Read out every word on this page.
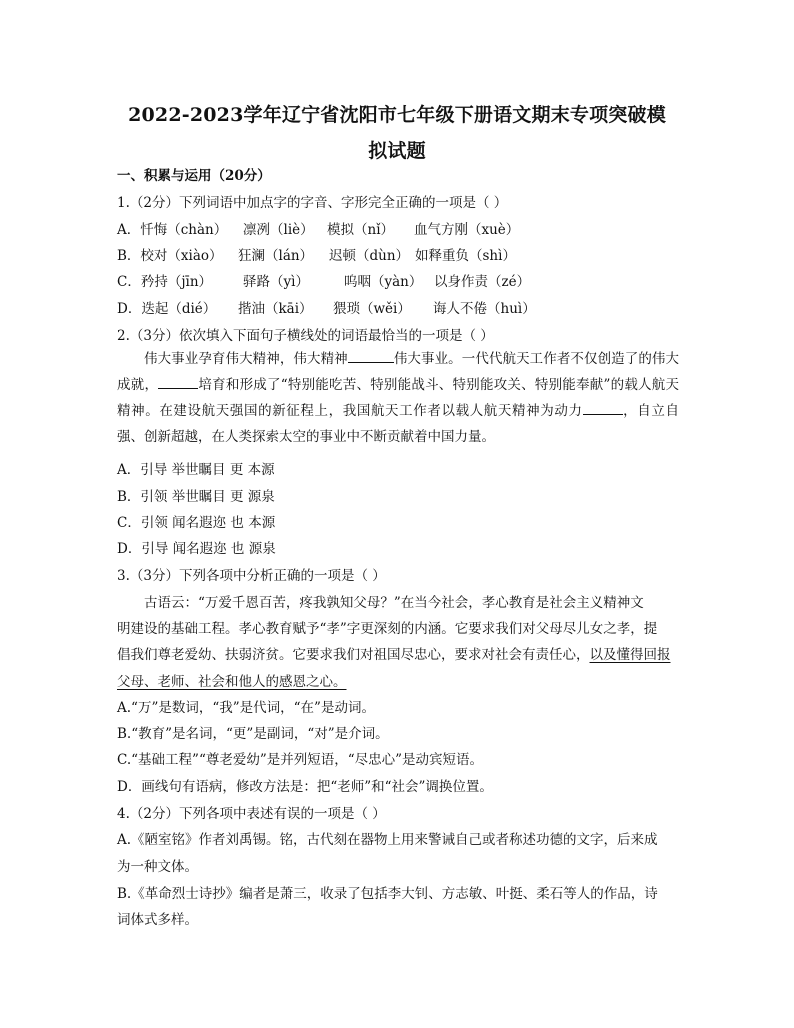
2022-2023学年辽宁省沈阳市七年级下册语文期末专项突破模
拟试题
一、积累与运用（20分）
1.（2分）下列词语中加点字的字音、字形完全正确的一项是（ ）
A．忏悔（chàn） 凛冽（liè） 模拟（nǐ） 血气方刚（xuè）
B．校对（xiào） 狂澜（lán） 迟顿（dùn） 如释重负（shì）
C．矜持（jīn） 驿路（yì）	呜咽（yàn） 以身作责（zé）
D．迭起（dié） 揩油（kāi） 猥琐（wěi） 诲人不倦（huì）
2.（3分）依次填入下面句子横线处的词语最恰当的一项是（ ）
伟大事业孕育伟大精神，伟大精神	伟大事业。一代代航天工作者不仅创造了的伟大成就，	培育和形成了“特别能吃苦、特别能战斗、特别能攻关、特别能奉献”的载人航天精神。在建设航天强国的新征程上，我国航天工作者以载人航天精神为动力	，自立自强、创新超越，在人类探索太空的事业中不断贡献着中国力量。
A．引导 举世瞩目 更 本源
B．引领 举世瞩目 更 源泉
C．引领 闻名遐迩 也 本源
D．引导 闻名遐迩 也 源泉
3.（3分）下列各项中分析正确的一项是（ ）
古语云：“万爱千恩百苦，疼我孰知父母？”在当今社会，孝心教育是社会主义精神文
明建设的基础工程。孝心教育赋予“孝”字更深刻的内涵。它要求我们对父母尽儿女之孝，提
倡我们尊老爱幼、扶弱济贫。它要求我们对祖国尽忠心，要求对社会有责任心，以及懂得回报
父母、老师、社会和他人的感恩之心。
A.“万”是数词，“我”是代词，“在”是动词。
B.“教育”是名词，“更”是副词，“对”是介词。
C.“基础工程”“尊老爱幼”是并列短语，“尽忠心”是动宾短语。
D．画线句有语病，修改方法是：把“老师”和“社会”调换位置。
4.（2分）下列各项中表述有误的一项是（ ）
A.《陋室铭》作者刘禹锡。铭，古代刻在器物上用来警诫自己或者称述功德的文字，后来成
为一种文体。
B.《革命烈士诗抄》编者是萧三，收录了包括李大钊、方志敏、叶挺、柔石等人的作品，诗
词体式多样。
